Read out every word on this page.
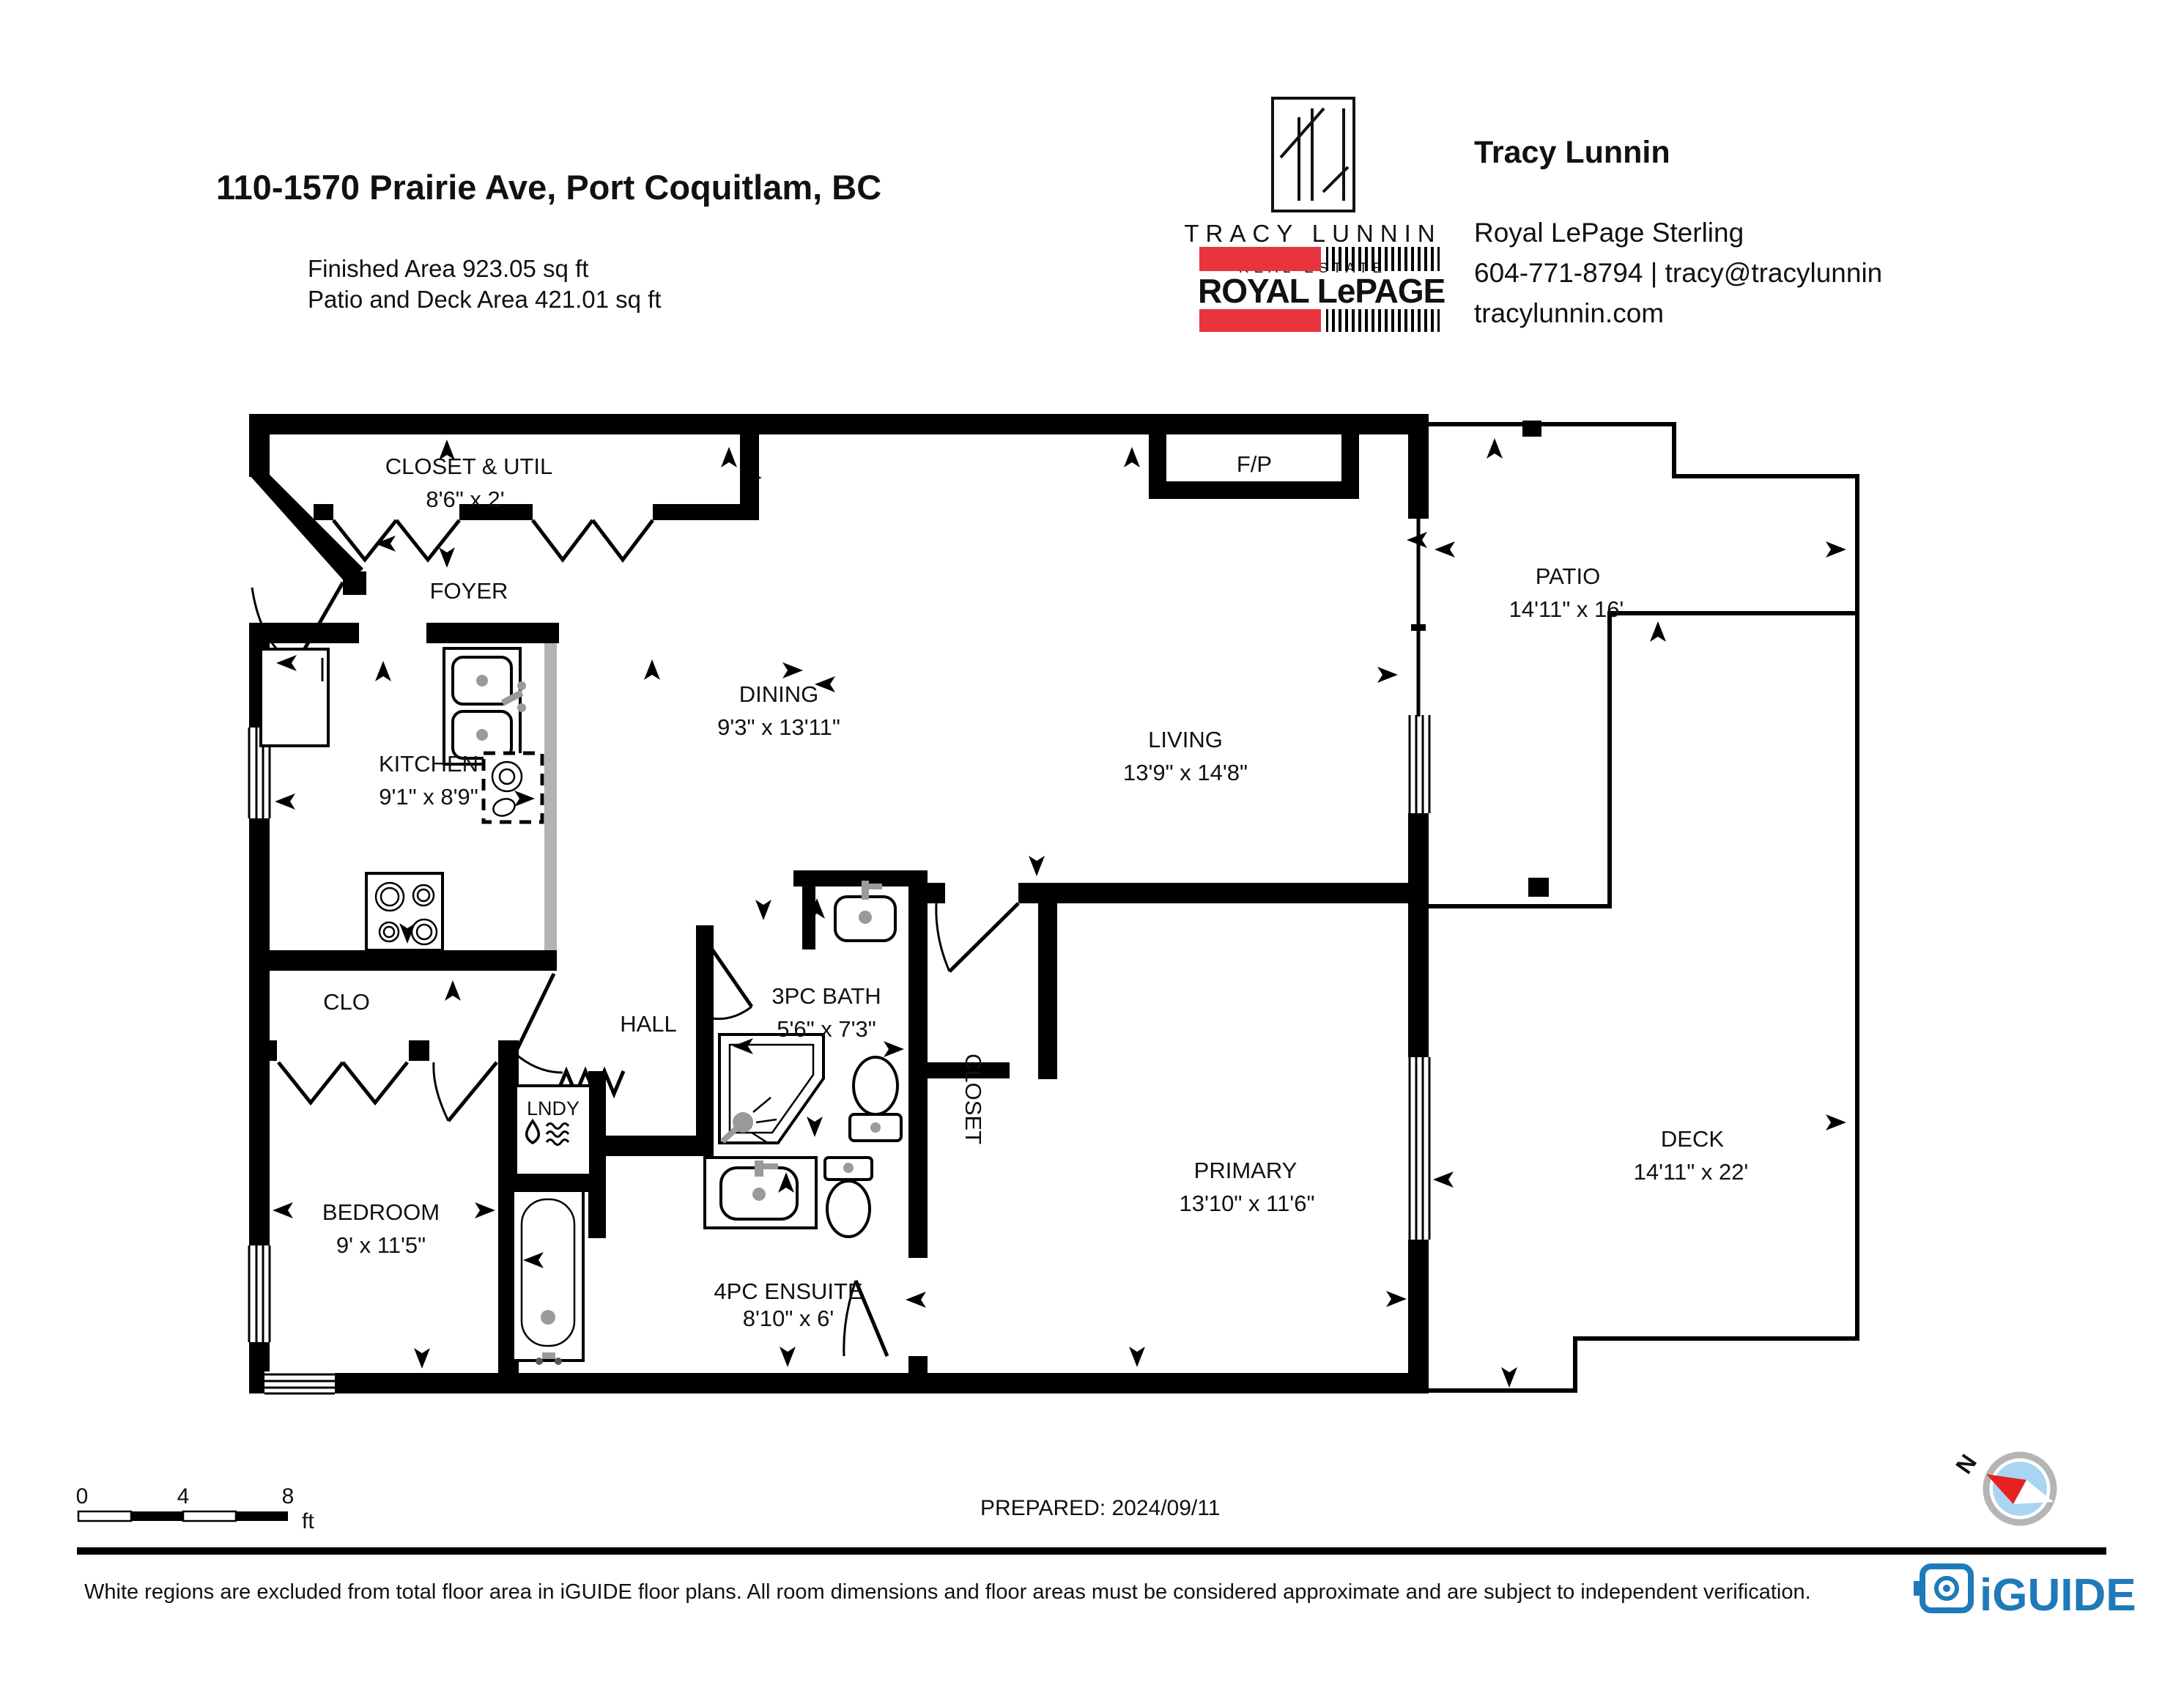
110-1570 Prairie Ave, Port Coquitlam, BC
Finished Area 923.05 sq ft
Patio and Deck Area 421.01 sq ft
TRACY LUNNIN
ROYAL LePAGE
Tracy Lunnin
Royal LePage Sterling
604-771-8794 | tracy@tracylunnin
tracylunnin.com
CLOSET & UTIL
8'6" x 2'
FOYER
DINING
9'3" x 13'11"	LIVING
13'9" x 14'8"
F/P
PATIO
14'11" x 16'
KITCHEN
9'1" x 8'9"
CLO
HALL
3PC BATH
5'6" x 7'3"
LNDY
BEDROOM
9' x 11'5"
4PC ENSUITE
8'10" x 6'
CLOSET
PRIMARY
13'10" x 11'6"
DECK
14'11" x 22'
0	4	8
ft
PREPARED: 2024/09/11
N
White regions are excluded from total floor area in iGUIDE floor plans. All room dimensions and floor areas must be considered approximate and are subject to independent verification.	iGUIDE
